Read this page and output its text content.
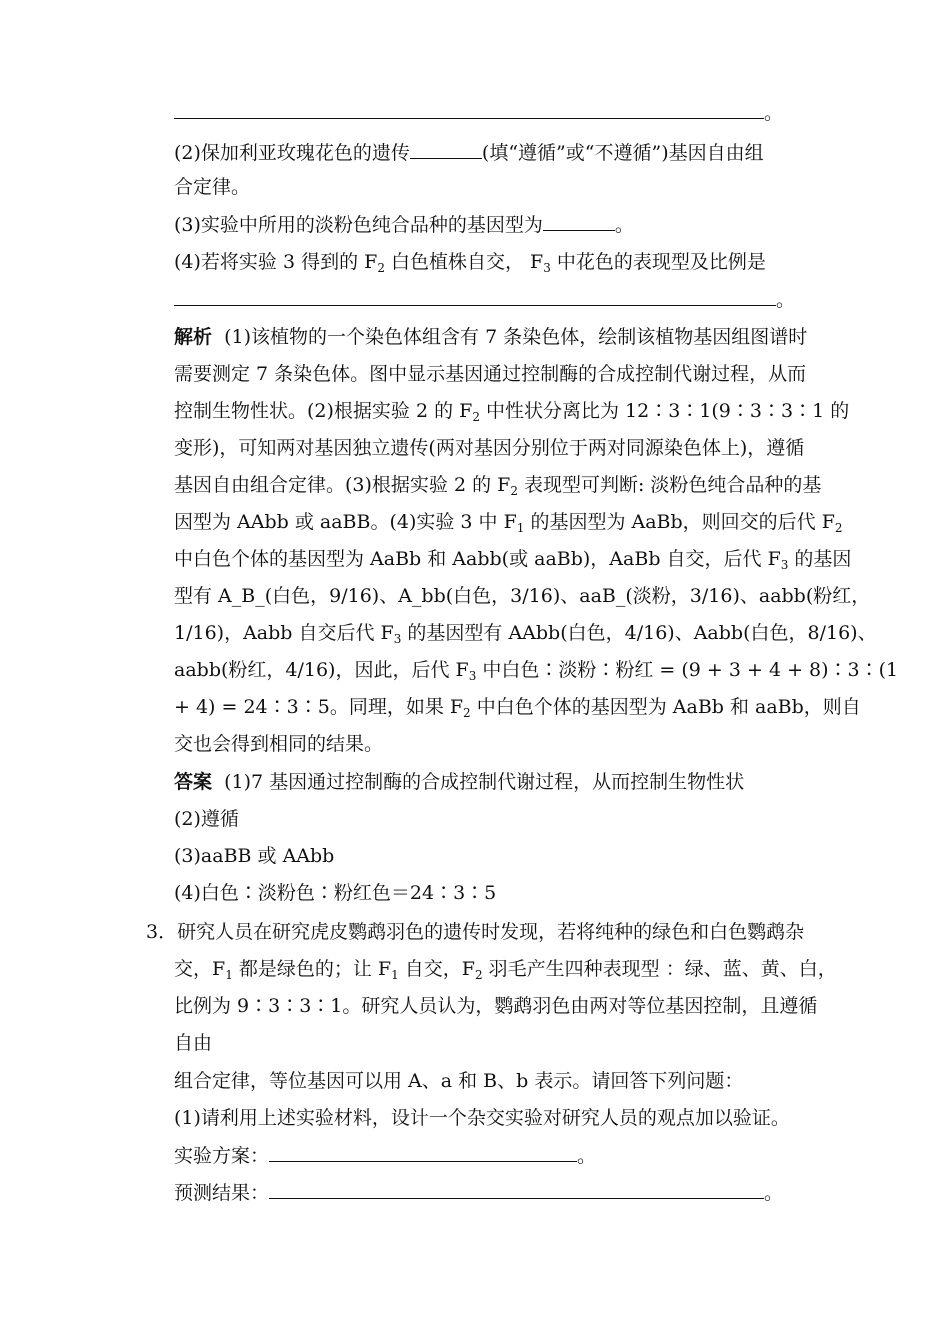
。
(2)保加利亚玫瑰花色的遗传	(填“遵循”或“不遵循”)基因自由组
合定律。
(3)实验中所用的淡粉色纯合品种的基因型为	。
(4)若将实验 3 得到的 $F_2$ 白色植株自交， $F_3$ 中花色的表现型及比例是
。
解析 (1)该植物的一个染色体组含有 7 条染色体，绘制该植物基因组图谱时
需要测定 7 条染色体。图中显示基因通过控制酶的合成控制代谢过程，从而
控制生物性状。(2)根据实验 2 的 $F_2$ 中性状分离比为 12∶3∶1(9∶3∶3∶1 的
变形)，可知两对基因独立遗传(两对基因分别位于两对同源染色体上)，遵循
基因自由组合定律。(3)根据实验 2 的 $F_2$ 表现型可判断: 淡粉色纯合品种的基
因型为 AAbb 或 aaBB。(4)实验 3 中 $F_1$ 的基因型为 AaBb，则回交的后代 $F_2$
中白色个体的基因型为 AaBb 和 Aabb(或 aaBb)，AaBb 自交，后代 $F_3$ 的基因
型有 A_B_(白色，9/16)、A_bb(白色，3/16)、aaB_(淡粉，3/16)、aabb(粉红，
1/16)，Aabb 自交后代 $F_3$ 的基因型有 AAbb(白色，4/16)、Aabb(白色，8/16)、
aabb(粉红，4/16)，因此，后代 $F_3$ 中白色∶淡粉∶粉红 = (9 + 3 + 4 + 8)∶3∶(1
+ 4) = 24∶3∶5。同理，如果 $F_2$ 中白色个体的基因型为 AaBb 和 aaBb，则自
交也会得到相同的结果。
答案 (1)7 基因通过控制酶的合成控制代谢过程，从而控制生物性状
(2)遵循
(3)aaBB 或 AAbb
(4)白色∶淡粉色∶粉红色＝24∶3∶5
3．研究人员在研究虎皮鹦鹉羽色的遗传时发现，若将纯种的绿色和白色鹦鹉杂
交，$F_1$ 都是绿色的；让 $F_1$ 自交，$F_2$ 羽毛产生四种表现型 ：绿、蓝、黄、白，
比例为 9∶3∶3∶1。研究人员认为，鹦鹉羽色由两对等位基因控制，且遵循
自由
组合定律，等位基因可以用 A、a 和 B、b 表示。请回答下列问题：
(1)请利用上述实验材料，设计一个杂交实验对研究人员的观点加以验证。
实验方案：	。
预测结果：	。
